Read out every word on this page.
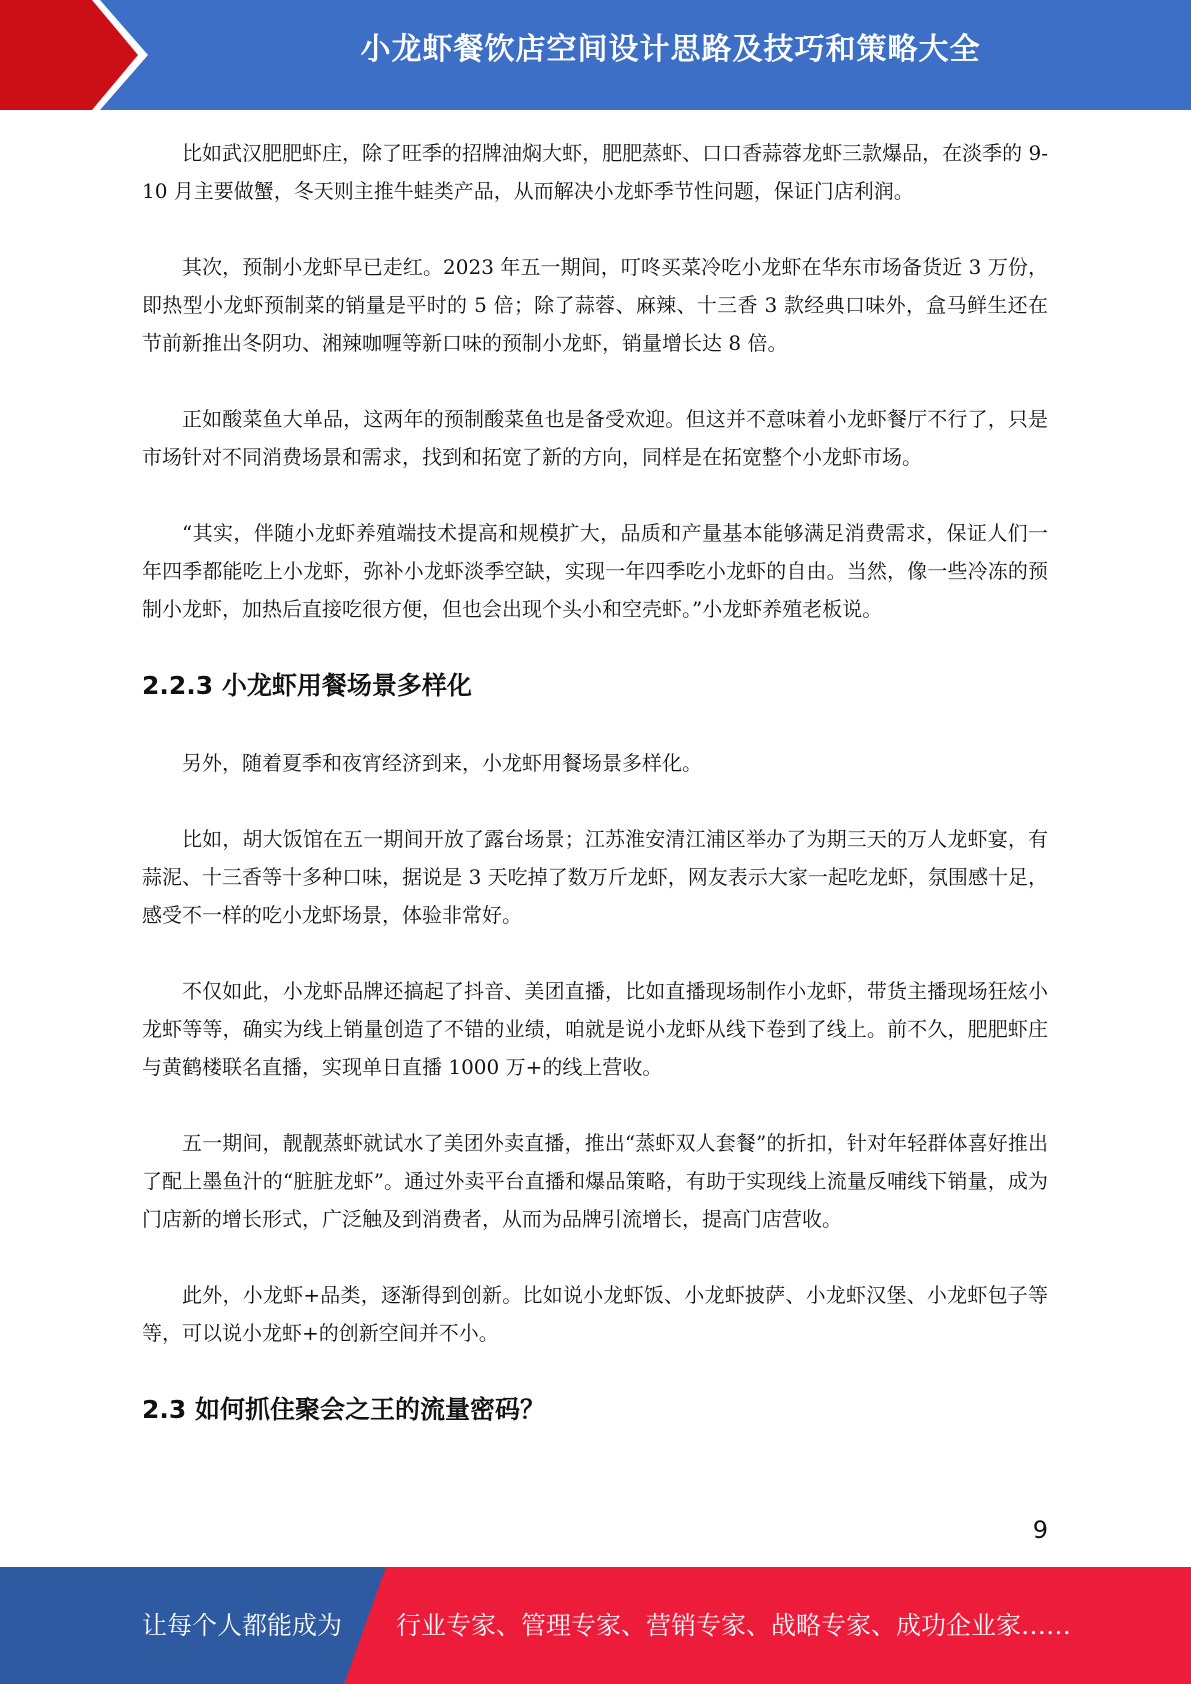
小龙虾餐饮店空间设计思路及技巧和策略大全

比如武汉肥肥虾庄，除了旺季的招牌油焖大虾，肥肥蒸虾、口口香蒜蓉龙虾三款爆品，在淡季的 9-10 月主要做蟹，冬天则主推牛蛙类产品，从而解决小龙虾季节性问题，保证门店利润。

其次，预制小龙虾早已走红。2023 年五一期间，叮咚买菜冷吃小龙虾在华东市场备货近 3 万份，即热型小龙虾预制菜的销量是平时的 5 倍；除了蒜蓉、麻辣、十三香 3 款经典口味外，盒马鲜生还在节前新推出冬阴功、湘辣咖喱等新口味的预制小龙虾，销量增长达 8 倍。

正如酸菜鱼大单品，这两年的预制酸菜鱼也是备受欢迎。但这并不意味着小龙虾餐厅不行了，只是市场针对不同消费场景和需求，找到和拓宽了新的方向，同样是在拓宽整个小龙虾市场。

“其实，伴随小龙虾养殖端技术提高和规模扩大，品质和产量基本能够满足消费需求，保证人们一年四季都能吃上小龙虾，弥补小龙虾淡季空缺，实现一年四季吃小龙虾的自由。当然，像一些冷冻的预制小龙虾，加热后直接吃很方便，但也会出现个头小和空壳虾。”小龙虾养殖老板说。

2.2.3 小龙虾用餐场景多样化

另外，随着夏季和夜宵经济到来，小龙虾用餐场景多样化。

比如，胡大饭馆在五一期间开放了露台场景；江苏淮安清江浦区举办了为期三天的万人龙虾宴，有蒜泥、十三香等十多种口味，据说是 3 天吃掉了数万斤龙虾，网友表示大家一起吃龙虾，氛围感十足，感受不一样的吃小龙虾场景，体验非常好。

不仅如此，小龙虾品牌还搞起了抖音、美团直播，比如直播现场制作小龙虾，带货主播现场狂炫小龙虾等等，确实为线上销量创造了不错的业绩，咱就是说小龙虾从线下卷到了线上。前不久，肥肥虾庄与黄鹤楼联名直播，实现单日直播 1000 万+的线上营收。

五一期间，靓靓蒸虾就试水了美团外卖直播，推出“蒸虾双人套餐”的折扣，针对年轻群体喜好推出了配上墨鱼汁的“脏脏龙虾”。通过外卖平台直播和爆品策略，有助于实现线上流量反哺线下销量，成为门店新的增长形式，广泛触及到消费者，从而为品牌引流增长，提高门店营收。

此外，小龙虾+品类，逐渐得到创新。比如说小龙虾饭、小龙虾披萨、小龙虾汉堡、小龙虾包子等等，可以说小龙虾+的创新空间并不小。

2.3 如何抓住聚会之王的流量密码？
9
让每个人都能成为 行业专家、管理专家、营销专家、战略专家、成功企业家……
